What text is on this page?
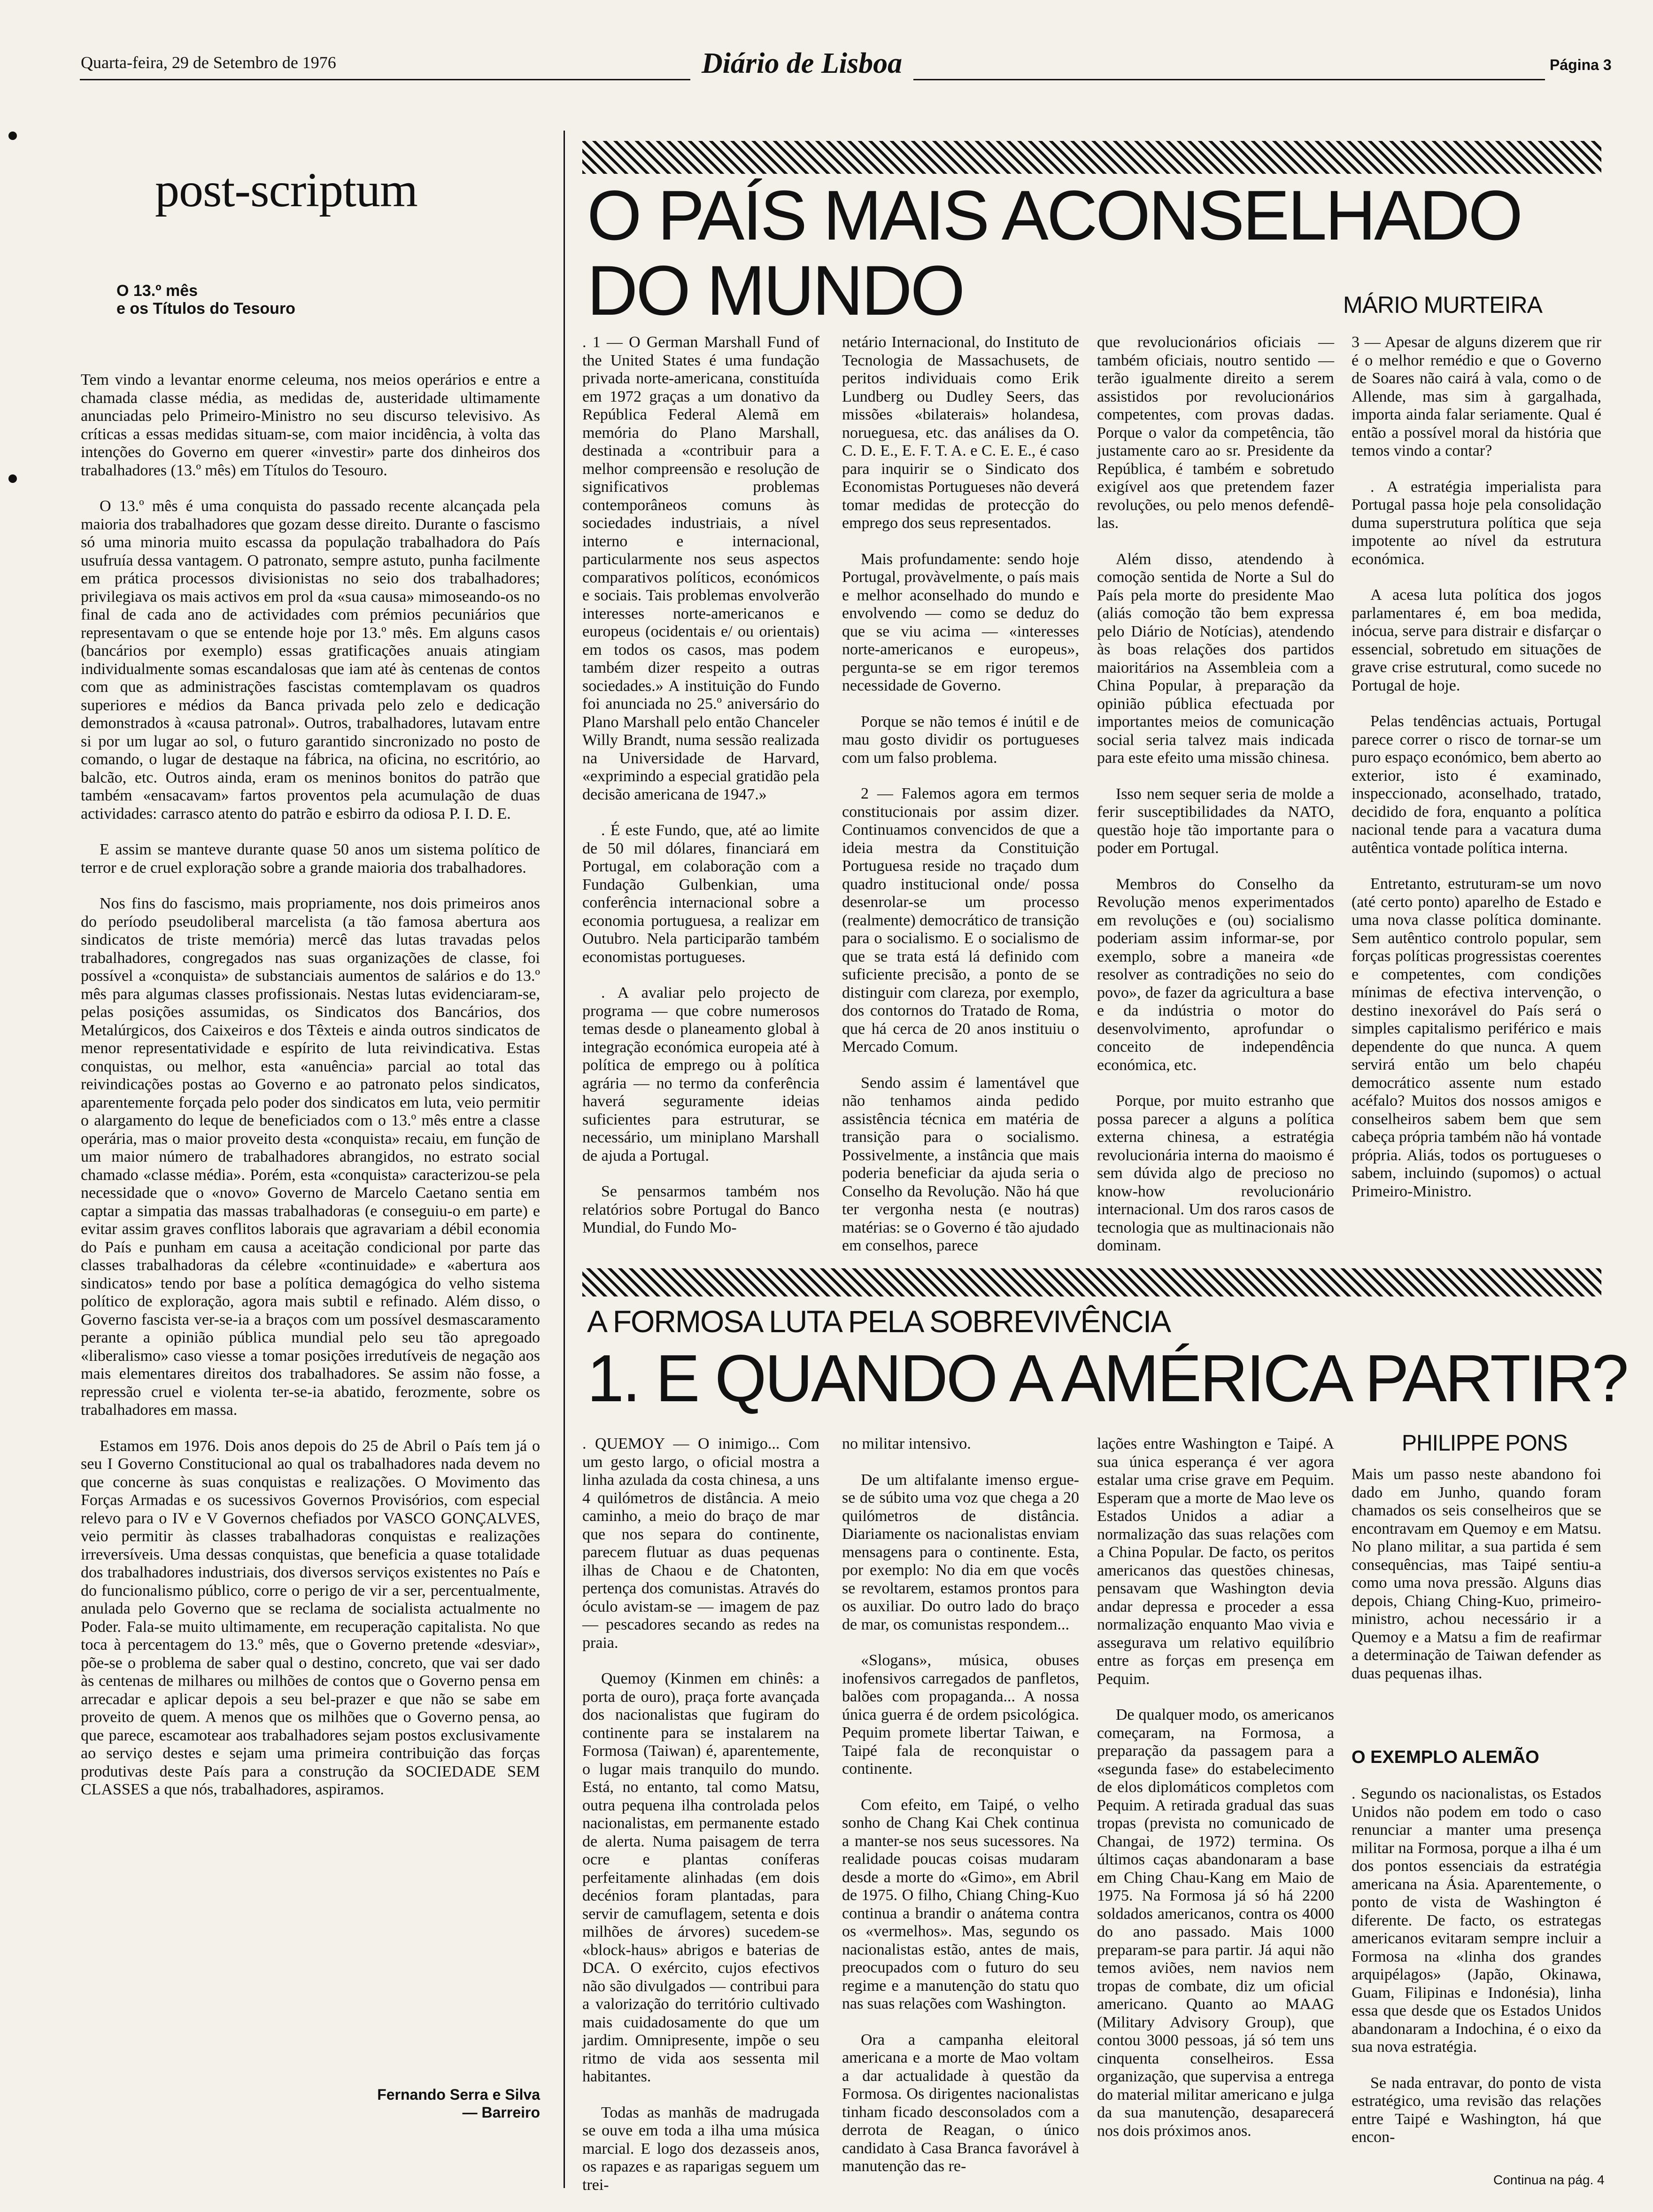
Quarta-feira, 29 de Setembro de 1976	Diário de Lisboa	Página 3
post-scriptum
O 13.º mês
e os Títulos do Tesouro

Tem vindo a levantar enorme celeuma, nos meios operários e entre a chamada classe média, as medidas de, austeridade ultimamente anunciadas pelo Primeiro-Ministro no seu discurso televisivo. As críticas a essas medidas situam-se, com maior incidência, à volta das intenções do Governo em querer «investir» parte dos dinheiros dos trabalhadores (13.º mês) em Títulos do Tesouro.

O 13.º mês é uma conquista do passado recente alcançada pela maioria dos trabalhadores que gozam desse direito. Durante o fascismo só uma minoria muito escassa da população trabalhadora do País usufruía dessa vantagem. O patronato, sempre astuto, punha facilmente em prática processos divisionistas no seio dos trabalhadores; privilegiava os mais activos em prol da «sua causa» mimoseando-os no final de cada ano de actividades com prémios pecuniários que representavam o que se entende hoje por 13.º mês. Em alguns casos (bancários por exemplo) essas gratificações anuais atingiam individualmente somas escandalosas que iam até às centenas de contos com que as administrações fascistas comtemplavam os quadros superiores e médios da Banca privada pelo zelo e dedicação demonstrados à «causa patronal». Outros, trabalhadores, lutavam entre si por um lugar ao sol, o futuro garantido sincronizado no posto de comando, o lugar de destaque na fábrica, na oficina, no escritório, ao balcão, etc. Outros ainda, eram os meninos bonitos do patrão que também «ensacavam» fartos proventos pela acumulação de duas actividades: carrasco atento do patrão e esbirro da odiosa P. I. D. E.

E assim se manteve durante quase 50 anos um sistema político de terror e de cruel exploração sobre a grande maioria dos trabalhadores.

Nos fins do fascismo, mais propriamente, nos dois primeiros anos do período pseudoliberal marcelista (a tão famosa abertura aos sindicatos de triste memória) mercê das lutas travadas pelos trabalhadores, congregados nas suas organizações de classe, foi possível a «conquista» de substanciais aumentos de salários e do 13.º mês para algumas classes profissionais. Nestas lutas evidenciaram-se, pelas posições assumidas, os Sindicatos dos Bancários, dos Metalúrgicos, dos Caixeiros e dos Têxteis e ainda outros sindicatos de menor representatividade e espírito de luta reivindicativa. Estas conquistas, ou melhor, esta «anuência» parcial ao total das reivindicações postas ao Governo e ao patronato pelos sindicatos, aparentemente forçada pelo poder dos sindicatos em luta, veio permitir o alargamento do leque de beneficiados com o 13.º mês entre a classe operária, mas o maior proveito desta «conquista» recaiu, em função de um maior número de trabalhadores abrangidos, no estrato social chamado «classe média». Porém, esta «conquista» caracterizou-se pela necessidade que o «novo» Governo de Marcelo Caetano sentia em captar a simpatia das massas trabalhadoras (e conseguiu-o em parte) e evitar assim graves conflitos laborais que agravariam a débil economia do País e punham em causa a aceitação condicional por parte das classes trabalhadoras da célebre «continuidade» e «abertura aos sindicatos» tendo por base a política demagógica do velho sistema político de exploração, agora mais subtil e refinado. Além disso, o Governo fascista ver-se-ia a braços com um possível desmascaramento perante a opinião pública mundial pelo seu tão apregoado «liberalismo» caso viesse a tomar posições irredutíveis de negação aos mais elementares direitos dos trabalhadores. Se assim não fosse, a repressão cruel e violenta ter-se-ia abatido, ferozmente, sobre os trabalhadores em massa.

Estamos em 1976. Dois anos depois do 25 de Abril o País tem já o seu I Governo Constitucional ao qual os trabalhadores nada devem no que concerne às suas conquistas e realizações. O Movimento das Forças Armadas e os sucessivos Governos Provisórios, com especial relevo para o IV e V Governos chefiados por VASCO GONÇALVES, veio permitir às classes trabalhadoras conquistas e realizações irreversíveis. Uma dessas conquistas, que beneficia a quase totalidade dos trabalhadores industriais, dos diversos serviços existentes no País e do funcionalismo público, corre o perigo de vir a ser, percentualmente, anulada pelo Governo que se reclama de socialista actualmente no Poder. Fala-se muito ultimamente, em recuperação capitalista. No que toca à percentagem do 13.º mês, que o Governo pretende «desviar», põe-se o problema de saber qual o destino, concreto, que vai ser dado às centenas de milhares ou milhões de contos que o Governo pensa em arrecadar e aplicar depois a seu bel-prazer e que não se sabe em proveito de quem. A menos que os milhões que o Governo pensa, ao que parece, escamotear aos trabalhadores sejam postos exclusivamente ao serviço destes e sejam uma primeira contribuição das forças produtivas deste País para a construção da SOCIEDADE SEM CLASSES a que nós, trabalhadores, aspiramos.

Fernando Serra e Silva
— Barreiro
O PAÍS MAIS ACONSELHADO
DO MUNDO	MÁRIO MURTEIRA

. 1 — O German Marshall Fund of the United States é uma fundação privada norte-americana, constituída em 1972 graças a um donativo da República Federal Alemã em memória do Plano Marshall, destinada a «contribuir para a melhor compreensão e resolução de significativos problemas contemporâneos comuns às sociedades industriais, a nível interno e internacional, particularmente nos seus aspectos comparativos políticos, económicos e sociais. Tais problemas envolverão interesses norte-americanos e europeus (ocidentais e/ ou orientais) em todos os casos, mas podem também dizer respeito a outras sociedades.» A instituição do Fundo foi anunciada no 25.º aniversário do Plano Marshall pelo então Chanceler Willy Brandt, numa sessão realizada na Universidade de Harvard, «exprimindo a especial gratidão pela decisão americana de 1947.»

. É este Fundo, que, até ao limite de 50 mil dólares, financiará em Portugal, em colaboração com a Fundação Gulbenkian, uma conferência internacional sobre a economia portuguesa, a realizar em Outubro. Nela participarão também economistas portugueses.

. A avaliar pelo projecto de programa — que cobre numerosos temas desde o planeamento global à integração económica europeia até à política de emprego ou à política agrária — no termo da conferência haverá seguramente ideias suficientes para estruturar, se necessário, um miniplano Marshall de ajuda a Portugal.

Se pensarmos também nos relatórios sobre Portugal do Banco Mundial, do Fundo Mo-

netário Internacional, do Instituto de Tecnologia de Massachusets, de peritos individuais como Erik Lundberg ou Dudley Seers, das missões «bilaterais» holandesa, norueguesa, etc. das análises da O. C. D. E., E. F. T. A. e C. E. E., é caso para inquirir se o Sindicato dos Economistas Portugueses não deverá tomar medidas de protecção do emprego dos seus representados.

Mais profundamente: sendo hoje Portugal, provàvelmente, o país mais e melhor aconselhado do mundo e envolvendo — como se deduz do que se viu acima — «interesses norte-americanos e europeus», pergunta-se se em rigor teremos necessidade de Governo.

Porque se não temos é inútil e de mau gosto dividir os portugueses com um falso problema.

2 — Falemos agora em termos constitucionais por assim dizer. Continuamos convencidos de que a ideia mestra da Constituição Portuguesa reside no traçado dum quadro institucional onde/ possa desenrolar-se um processo (realmente) democrático de transição para o socialismo. E o socialismo de que se trata está lá definido com suficiente precisão, a ponto de se distinguir com clareza, por exemplo, dos contornos do Tratado de Roma, que há cerca de 20 anos instituiu o Mercado Comum.

Sendo assim é lamentável que não tenhamos ainda pedido assistência técnica em matéria de transição para o socialismo. Possivelmente, a instância que mais poderia beneficiar da ajuda seria o Conselho da Revolução. Não há que ter vergonha nesta (e noutras) matérias: se o Governo é tão ajudado em conselhos, parece

que revolucionários oficiais — também oficiais, noutro sentido — terão igualmente direito a serem assistidos por revolucionários competentes, com provas dadas. Porque o valor da competência, tão justamente caro ao sr. Presidente da República, é também e sobretudo exigível aos que pretendem fazer revoluções, ou pelo menos defendê-las.

Além disso, atendendo à comoção sentida de Norte a Sul do País pela morte do presidente Mao (aliás comoção tão bem expressa pelo Diário de Notícias), atendendo às boas relações dos partidos maioritários na Assembleia com a China Popular, à preparação da opinião pública efectuada por importantes meios de comunicação social seria talvez mais indicada para este efeito uma missão chinesa.

Isso nem sequer seria de molde a ferir susceptibilidades da NATO, questão hoje tão importante para o poder em Portugal.

Membros do Conselho da Revolução menos experimentados em revoluções e (ou) socialismo poderiam assim informar-se, por exemplo, sobre a maneira «de resolver as contradições no seio do povo», de fazer da agricultura a base e da indústria o motor do desenvolvimento, aprofundar o conceito de independência económica, etc.

Porque, por muito estranho que possa parecer a alguns a política externa chinesa, a estratégia revolucionária interna do maoismo é sem dúvida algo de precioso no know-how revolucionário internacional. Um dos raros casos de tecnologia que as multinacionais não dominam.

3 — Apesar de alguns dizerem que rir é o melhor remédio e que o Governo de Soares não cairá à vala, como o de Allende, mas sim à gargalhada, importa ainda falar seriamente. Qual é então a possível moral da história que temos vindo a contar?

. A estratégia imperialista para Portugal passa hoje pela consolidação duma superstrutura política que seja impotente ao nível da estrutura económica.

A acesa luta política dos jogos parlamentares é, em boa medida, inócua, serve para distrair e disfarçar o essencial, sobretudo em situações de grave crise estrutural, como sucede no Portugal de hoje.

Pelas tendências actuais, Portugal parece correr o risco de tornar-se um puro espaço económico, bem aberto ao exterior, isto é examinado, inspeccionado, aconselhado, tratado, decidido de fora, enquanto a política nacional tende para a vacatura duma autêntica vontade política interna.

Entretanto, estruturam-se um novo (até certo ponto) aparelho de Estado e uma nova classe política dominante. Sem autêntico controlo popular, sem forças políticas progressistas coerentes e competentes, com condições mínimas de efectiva intervenção, o destino inexorável do País será o simples capitalismo periférico e mais dependente do que nunca. A quem servirá então um belo chapéu democrático assente num estado acéfalo? Muitos dos nossos amigos e conselheiros sabem bem que sem cabeça própria também não há vontade própria. Aliás, todos os portugueses o sabem, incluindo (supomos) o actual Primeiro-Ministro.

A FORMOSA LUTA PELA SOBREVIVÊNCIA
1. E QUANDO A AMÉRICA PARTIR?
PHILIPPE PONS

. QUEMOY — O inimigo... Com um gesto largo, o oficial mostra a linha azulada da costa chinesa, a uns 4 quilómetros de distância. A meio caminho, a meio do braço de mar que nos separa do continente, parecem flutuar as duas pequenas ilhas de Chaou e de Chatonten, pertença dos comunistas. Através do óculo avistam-se — imagem de paz — pescadores secando as redes na praia.

Quemoy (Kinmen em chinês: a porta de ouro), praça forte avançada dos nacionalistas que fugiram do continente para se instalarem na Formosa (Taiwan) é, aparentemente, o lugar mais tranquilo do mundo. Está, no entanto, tal como Matsu, outra pequena ilha controlada pelos nacionalistas, em permanente estado de alerta. Numa paisagem de terra ocre e plantas coníferas perfeitamente alinhadas (em dois decénios foram plantadas, para servir de camuflagem, setenta e dois milhões de árvores) sucedem-se «block-haus» abrigos e baterias de DCA. O exército, cujos efectivos não são divulgados — contribui para a valorização do território cultivado mais cuidadosamente do que um jardim. Omnipresente, impõe o seu ritmo de vida aos sessenta mil habitantes.

Todas as manhãs de madrugada se ouve em toda a ilha uma música marcial. E logo dos dezasseis anos, os rapazes e as raparigas seguem um trei-

no militar intensivo.

De um altifalante imenso ergue-se de súbito uma voz que chega a 20 quilómetros de distância. Diariamente os nacionalistas enviam mensagens para o continente. Esta, por exemplo: No dia em que vocês se revoltarem, estamos prontos para os auxiliar. Do outro lado do braço de mar, os comunistas respondem...

«Slogans», música, obuses inofensivos carregados de panfletos, balões com propaganda... A nossa única guerra é de ordem psicológica. Pequim promete libertar Taiwan, e Taipé fala de reconquistar o continente.

Com efeito, em Taipé, o velho sonho de Chang Kai Chek continua a manter-se nos seus sucessores. Na realidade poucas coisas mudaram desde a morte do «Gimo», em Abril de 1975. O filho, Chiang Ching-Kuo continua a brandir o anátema contra os «vermelhos». Mas, segundo os nacionalistas estão, antes de mais, preocupados com o futuro do seu regime e a manutenção do statu quo nas suas relações com Washington.

Ora a campanha eleitoral americana e a morte de Mao voltam a dar actualidade à questão da Formosa. Os dirigentes nacionalistas tinham ficado desconsolados com a derrota de Reagan, o único candidato à Casa Branca favorável à manutenção das re-

lações entre Washington e Taipé. A sua única esperança é ver agora estalar uma crise grave em Pequim. Esperam que a morte de Mao leve os Estados Unidos a adiar a normalização das suas relações com a China Popular. De facto, os peritos americanos das questões chinesas, pensavam que Washington devia andar depressa e proceder a essa normalização enquanto Mao vivia e assegurava um relativo equilíbrio entre as forças em presença em Pequim.

De qualquer modo, os americanos começaram, na Formosa, a preparação da passagem para a «segunda fase» do estabelecimento de elos diplomáticos completos com Pequim. A retirada gradual das suas tropas (prevista no comunicado de Changai, de 1972) termina. Os últimos caças abandonaram a base em Ching Chau-Kang em Maio de 1975. Na Formosa já só há 2200 soldados americanos, contra os 4000 do ano passado. Mais 1000 preparam-se para partir. Já aqui não temos aviões, nem navios nem tropas de combate, diz um oficial americano. Quanto ao MAAG (Military Advisory Group), que contou 3000 pessoas, já só tem uns cinquenta conselheiros. Essa organização, que supervisa a entrega do material militar americano e julga da sua manutenção, desaparecerá nos dois próximos anos.

Mais um passo neste abandono foi dado em Junho, quando foram chamados os seis conselheiros que se encontravam em Quemoy e em Matsu. No plano militar, a sua partida é sem consequências, mas Taipé sentiu-a como uma nova pressão. Alguns dias depois, Chiang Ching-Kuo, primeiro-ministro, achou necessário ir a Quemoy e a Matsu a fim de reafirmar a determinação de Taiwan defender as duas pequenas ilhas.

O EXEMPLO ALEMÃO

. Segundo os nacionalistas, os Estados Unidos não podem em todo o caso renunciar a manter uma presença militar na Formosa, porque a ilha é um dos pontos essenciais da estratégia americana na Ásia. Aparentemente, o ponto de vista de Washington é diferente. De facto, os estrategas americanos evitaram sempre incluir a Formosa na «linha dos grandes arquipélagos» (Japão, Okinawa, Guam, Filipinas e Indonésia), linha essa que desde que os Estados Unidos abandonaram a Indochina, é o eixo da sua nova estratégia.

Se nada entravar, do ponto de vista estratégico, uma revisão das relações entre Taipé e Washington, há que encon-

Continua na pág. 4
